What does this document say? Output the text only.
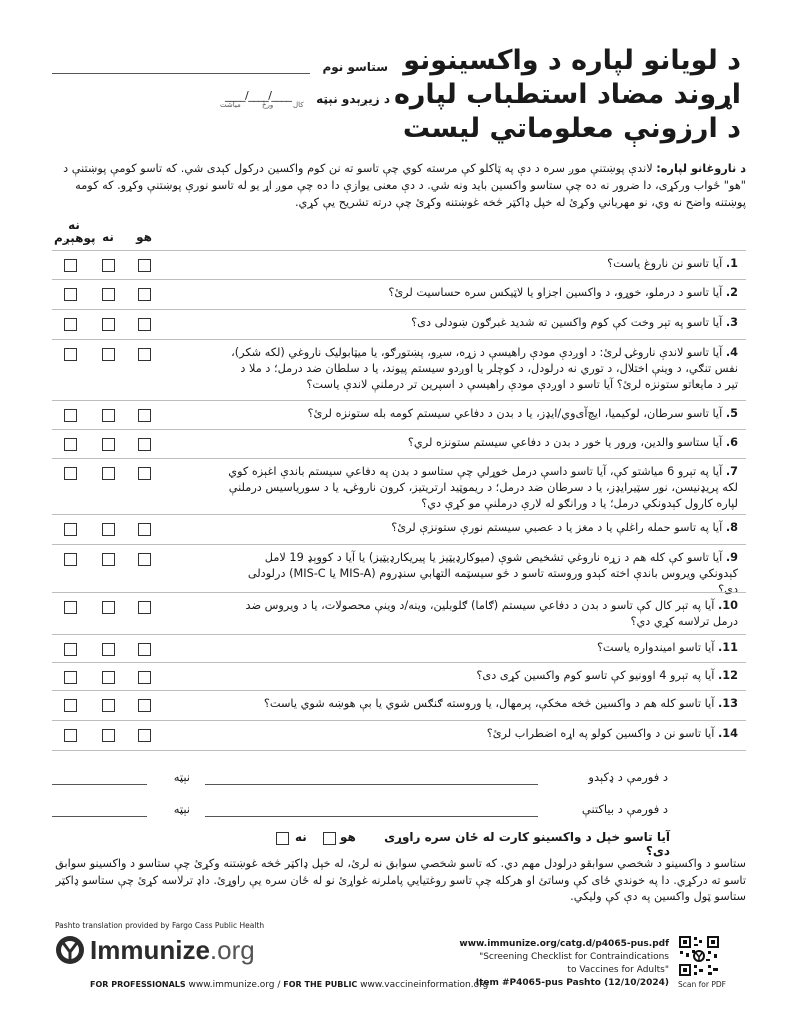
د لویانو لپاره د واکسینونو
اړوند مضاد استطباب لپاره
د ارزونې معلوماتي لیست
ستاسو نوم
د زیږېدو نېټه
____/____/____
میاشت	ورځ	کال
د ناروغانو لپاره: لاندې پوښتنې موږ سره د دې په ټاکلو کې مرسته کوي چې تاسو ته نن کوم واکسین درکول کېدی شي. که تاسو کومې پوښتنې د "هو" ځواب ورکړی، دا ضرور نه ده چې ستاسو واکسین باید ونه شي. د دې معنی یوازې دا ده چې موږ اړ یو له تاسو نورې پوښتنې وکړو. که کومه پوښتنه واضح نه وي، نو مهرباني وکړئ له خپل ډاکټر څخه غوښتنه وکړئ چې درته تشریح یې کړي.
هو
نه
نه
پوهېږم
1. آیا تاسو نن ناروغ یاست؟
2. آیا تاسو د درملو، خوړو، د واکسین اجزاو یا لاټیکس سره حساسیت لرئ؟
3. آیا تاسو په تېر وخت کې کوم واکسین ته شدید غبرګون ښودلی دی؟
4. آیا تاسو لاندې ناروغۍ لرئ: د اوږدې مودې راهیسې د زړه، سږو، پښتورګو، یا میټابولیک ناروغي (لکه شکر)، نفس تنګي، د وینې اختلال، د توري نه درلودل، د کوچلر یا اوږدو سیستم پیوند، یا د سلطان ضد درمل؛ د ملا د تیر د مایعاتو ستونزه لرئ؟ آیا تاسو د اوږدې مودې راهیسې د اسپرین تر درملنې لاندې یاست؟
5. آیا تاسو سرطان، لوکیمیا، ایچ‌آی‌وي/ایډز، یا د بدن د دفاعي سیستم کومه بله ستونزه لرئ؟
6. آیا ستاسو والدین، ورور یا خور د بدن د دفاعي سیستم ستونزه لري؟
7. آیا په تېرو 6 میاشتو کې، آیا تاسو داسې درمل خوړلي چې ستاسو د بدن په دفاعي سیستم باندې اغېزه کوي لکه پریډنیسن، نور سټیرایډز، یا د سرطان ضد درمل؛ د ریموټید ارتریتیز، کرون ناروغۍ، یا د سوریاسیس درملنې لپاره کارول کېدونکي درمل؛ یا د ورانګو له لارې درملنې مو کړې دي؟
8. آیا په تاسو حمله راغلې یا د مغز یا د عصبي سیستم نورې ستونزې لرئ؟
9. آیا تاسو کې کله هم د زړه ناروغي تشخیص شوې (میوکارډیټیز یا پیریکارډیټیز) یا آیا د کووېډ 19 لامل کېدونکي ویروس باندې اخته کېدو وروسته تاسو د څو سیسټمه التهابي سنډروم (MIS-A یا MIS-C) درلودلی دی؟
10. آیا په تېر کال کې تاسو د بدن د دفاعي سیستم (ګاما) ګلوبلین، وینه/د وینې محصولات، یا د ویروس ضد درمل ترلاسه کړي دي؟
11. آیا تاسو امیندواره یاست؟
12. آیا په تېرو 4 اوونیو کې تاسو کوم واکسین کړی دی؟
13. آیا تاسو کله هم د واکسین څخه مخکې، پرمهال، یا وروسته ګنګس شوي یا بې هوښه شوي یاست؟
14. آیا تاسو نن د واکسین کولو په اړه اضطراب لرئ؟
د فورمې د ډکېدو
نېټه
د فورمې د بیاکتنې
نېټه
آیا تاسو خپل د واکسینو کارت له ځان سره راوړی دی؟
هو
نه
ستاسو د واکسینو د شخصي سوابقو درلودل مهم دي. که تاسو شخصي سوابق نه لرئ، له خپل ډاکټر څخه غوښتنه وکړئ چې ستاسو د واکسینو سوابق تاسو ته درکړي. دا په خوندي ځای کې وساتئ او هرکله چې تاسو روغتیایي پاملرنه غواړئ نو له ځان سره یې راوړئ. داډ ترلاسه کړئ چې ستاسو ډاکټر ستاسو ټول واکسین په دې کې ولیکي.
Pashto translation provided by Fargo Cass Public Health
Immunize.org
FOR PROFESSIONALS www.immunize.org / FOR THE PUBLIC www.vaccineinformation.org
www.immunize.org/catg.d/p4065-pus.pdf
"Screening Checklist for Contraindications
to Vaccines for Adults"
Item #P4065-pus Pashto (12/10/2024) Scan for PDF
